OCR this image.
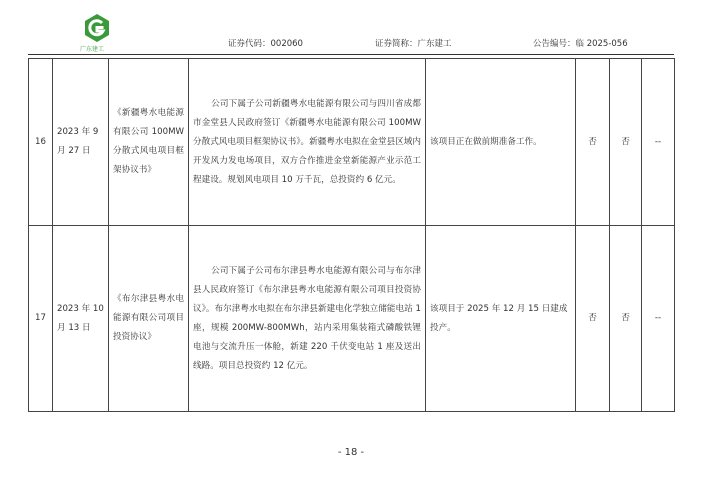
广东建工
证券代码：002060	证券简称：广东建工	公告编号：临 2025-056
16	2023 年 9 月 27 日	《新疆粤水电能源有限公司 100MW 分散式风电项目框架协议书》	公司下属子公司新疆粤水电能源有限公司与四川省成都市金堂县人民政府签订《新疆粤水电能源有限公司 100MW 分散式风电项目框架协议书》。新疆粤水电拟在金堂县区域内开发风力发电场项目，双方合作推进金堂新能源产业示范工程建设。规划风电项目 10 万千瓦，总投资约 6 亿元。	该项目正在做前期准备工作。	否	否	--
17	2023 年 10 月 13 日	《布尔津县粤水电能源有限公司项目投资协议》	公司下属子公司布尔津县粤水电能源有限公司与布尔津县人民政府签订《布尔津县粤水电能源有限公司项目投资协议》。布尔津粤水电拟在布尔津县新建电化学独立储能电站 1 座，规模 200MW-800MWh，站内采用集装箱式磷酸铁锂电池与交流升压一体舱，新建 220 千伏变电站 1 座及送出线路。项目总投资约 12 亿元。	该项目于 2025 年 12 月 15 日建成投产。	否	否	--
- 18 -
